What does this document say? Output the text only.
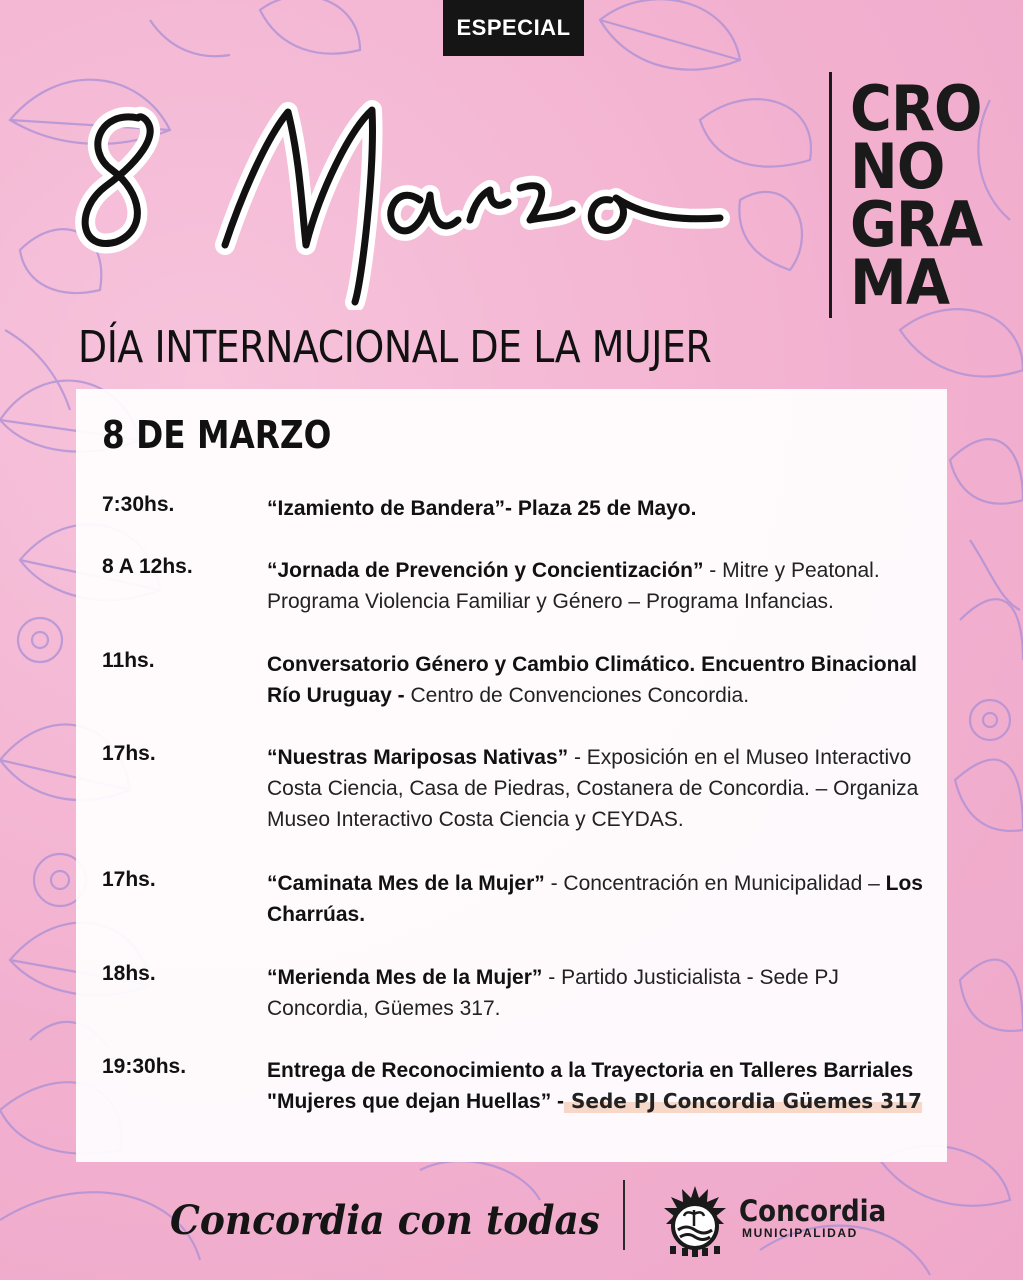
ESPECIAL
CRO
NO
GRA
MA
DÍA INTERNACIONAL DE LA MUJER
8 DE MARZO
7:30hs.	“Izamiento de Bandera”- Plaza 25 de Mayo.
8 A 12hs.	“Jornada de Prevención y Concientización” - Mitre y Peatonal. Programa Violencia Familiar y Género – Programa Infancias.
11hs.	Conversatorio Género y Cambio Climático. Encuentro Binacional Río Uruguay - Centro de Convenciones Concordia.
17hs.	“Nuestras Mariposas Nativas” - Exposición en el Museo Interactivo Costa Ciencia, Casa de Piedras, Costanera de Concordia. – Organiza Museo Interactivo Costa Ciencia y CEYDAS.
17hs.	“Caminata Mes de la Mujer” - Concentración en Municipalidad – Los Charrúas.
18hs.	“Merienda Mes de la Mujer” - Partido Justicialista - Sede PJ Concordia, Güemes 317.
19:30hs.	Entrega de Reconocimiento a la Trayectoria en Talleres Barriales "Mujeres que dejan Huellas” - Sede PJ Concordia Güemes 317
Concordia con todas	Concordia
MUNICIPALIDAD
